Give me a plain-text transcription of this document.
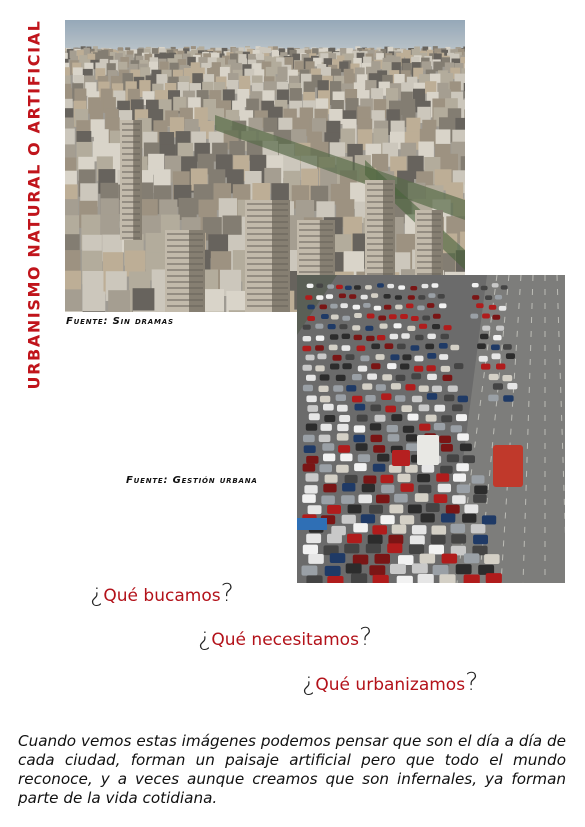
URBANISMO NATURAL O ARTIFICIAL Fuente: Sin dramas
Fuente: Gestión urbana
¿Qué bucamos?
¿Qué necesitamos?
¿Qué urbanizamos?

Cuando vemos estas imágenes podemos pensar que son el día a día de cada ciudad, forman un paisaje artificial pero que todo el mundo reconoce, y a veces aunque creamos que son infernales, ya forman parte de la vida cotidiana.
